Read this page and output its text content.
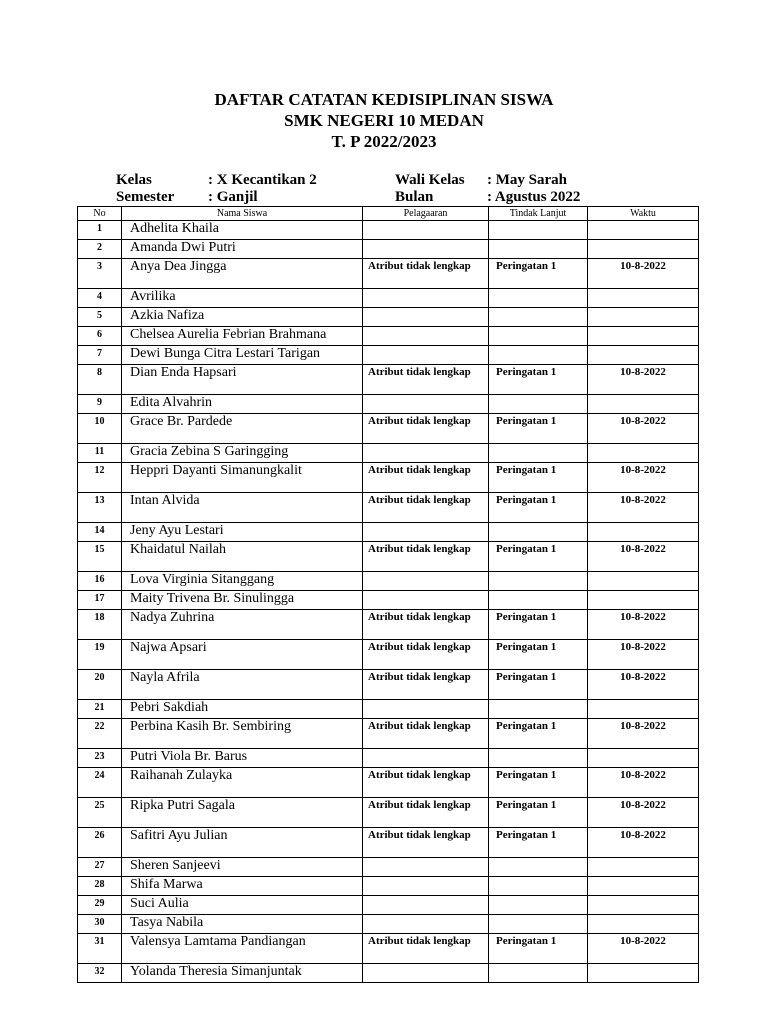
DAFTAR CATATAN KEDISIPLINAN SISWA
SMK NEGERI 10 MEDAN
T. P 2022/2023
Kelas	: X Kecantikan 2
Semester : Ganjil
Wali Kelas : May Sarah
Bulan	: Agustus 2022
No	Nama Siswa	Pelagaaran	Tindak Lanjut	Waktu
1	Adhelita Khaila			
2	Amanda Dwi Putri			
3	Anya Dea Jingga	Atribut tidak lengkap	Peringatan 1	10-8-2022
4	Avrilika			
5	Azkia Nafiza			
6	Chelsea Aurelia Febrian Brahmana			
7	Dewi Bunga Citra Lestari Tarigan			
8	Dian Enda Hapsari	Atribut tidak lengkap	Peringatan 1	10-8-2022
9	Edita Alvahrin			
10	Grace Br. Pardede	Atribut tidak lengkap	Peringatan 1	10-8-2022
11	Gracia Zebina S Garingging			
12	Heppri Dayanti Simanungkalit	Atribut tidak lengkap	Peringatan 1	10-8-2022
13	Intan Alvida	Atribut tidak lengkap	Peringatan 1	10-8-2022
14	Jeny Ayu Lestari			
15	Khaidatul Nailah	Atribut tidak lengkap	Peringatan 1	10-8-2022
16	Lova Virginia Sitanggang			
17	Maity Trivena Br. Sinulingga			
18	Nadya Zuhrina	Atribut tidak lengkap	Peringatan 1	10-8-2022
19	Najwa Apsari	Atribut tidak lengkap	Peringatan 1	10-8-2022
20	Nayla Afrila	Atribut tidak lengkap	Peringatan 1	10-8-2022
21	Pebri Sakdiah			
22	Perbina Kasih Br. Sembiring	Atribut tidak lengkap	Peringatan 1	10-8-2022
23	Putri Viola Br. Barus			
24	Raihanah Zulayka	Atribut tidak lengkap	Peringatan 1	10-8-2022
25	Ripka Putri Sagala	Atribut tidak lengkap	Peringatan 1	10-8-2022
26	Safitri Ayu Julian	Atribut tidak lengkap	Peringatan 1	10-8-2022
27	Sheren Sanjeevi			
28	Shifa Marwa			
29	Suci Aulia			
30	Tasya Nabila			
31	Valensya Lamtama Pandiangan	Atribut tidak lengkap	Peringatan 1	10-8-2022
32	Yolanda Theresia Simanjuntak			
